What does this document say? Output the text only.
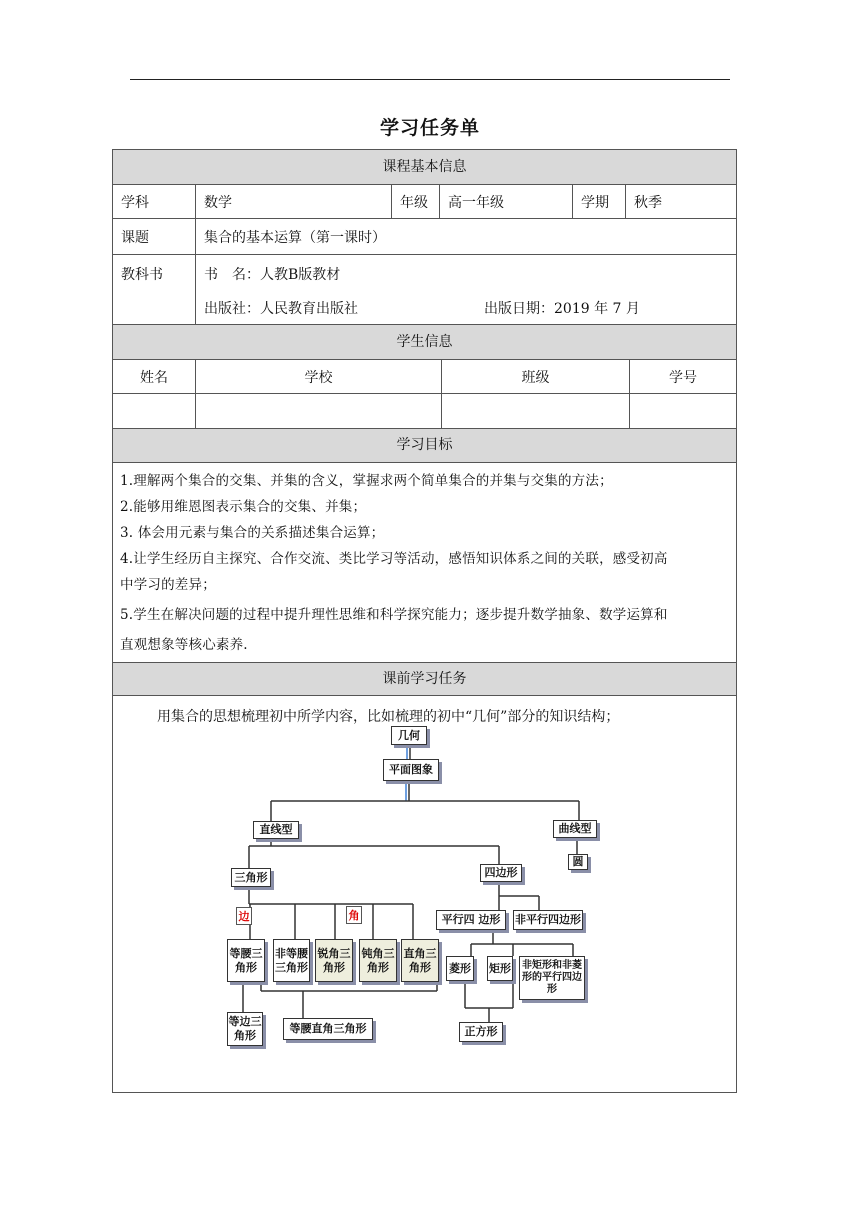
学习任务单
课程基本信息
学科	数学	年级	高一年级	学期	秋季
课题	集合的基本运算（第一课时）
教科书	书　名：人教B版教材
出版社：人民教育出版社	出版日期：2019 年 7 月
学生信息
姓名	学校	班级	学号
学习目标
1.理解两个集合的交集、并集的含义，掌握求两个简单集合的并集与交集的方法；
2.能够用维恩图表示集合的交集、并集；
3. 体会用元素与集合的关系描述集合运算；
4.让学生经历自主探究、合作交流、类比学习等活动，感悟知识体系之间的关联，感受初高
中学习的差异；
5.学生在解决问题的过程中提升理性思维和科学探究能力；逐步提升数学抽象、数学运算和
直观想象等核心素养.
课前学习任务
用集合的思想梳理初中所学内容，比如梳理的初中“几何”部分的知识结构；
几何
平面图象
直线型	曲线型
圆
三角形	四边形
边	角
等腰三角形
非等腰三角形
锐角三角形
钝角三角形
直角三角形
等边三角形
等腰直角三角形
平行四 边形	非平行四边形
菱形 矩形	非矩形和非菱形的平行四边形
正方形
